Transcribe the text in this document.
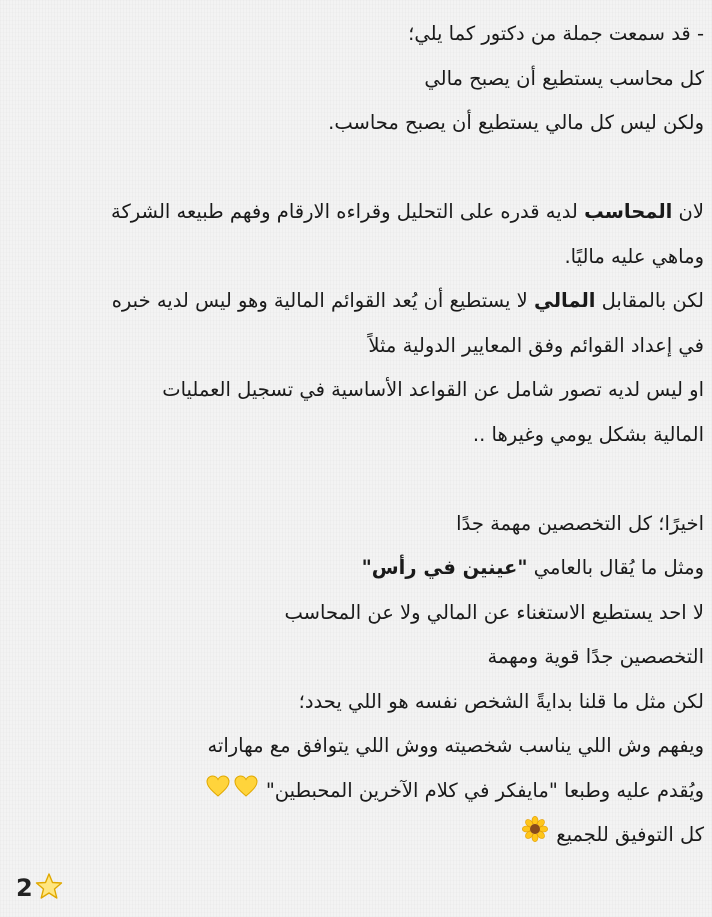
- قد سمعت جملة من دكتور كما يلي؛
كل محاسب يستطيع أن يصبح مالي
ولكن ليس كل مالي يستطيع أن يصبح محاسب.
لان المحاسب لديه قدره على التحليل وقراءه الارقام وفهم طبيعه الشركة
وماهي عليه ماليًا.
لكن بالمقابل المالي لا يستطيع أن يُعد القوائم المالية وهو ليس لديه خبره
في إعداد القوائم وفق المعايير الدولية مثلاً
او ليس لديه تصور شامل عن القواعد الأساسية في تسجيل العمليات
المالية بشكل يومي وغيرها ..
اخيرًا؛ كل التخصصين مهمة جدًا
ومثل ما يُقال بالعامي "عينين في رأس"
لا احد يستطيع الاستغناء عن المالي ولا عن المحاسب
التخصصين جدًا قوية ومهمة
لكن مثل ما قلنا بدايةً الشخص نفسه هو اللي يحدد؛
ويفهم وش اللي يناسب شخصيته ووش اللي يتوافق مع مهاراته
ويُقدم عليه وطبعا "مايفكر في كلام الآخرين المحبطين"
كل التوفيق للجميع
2
